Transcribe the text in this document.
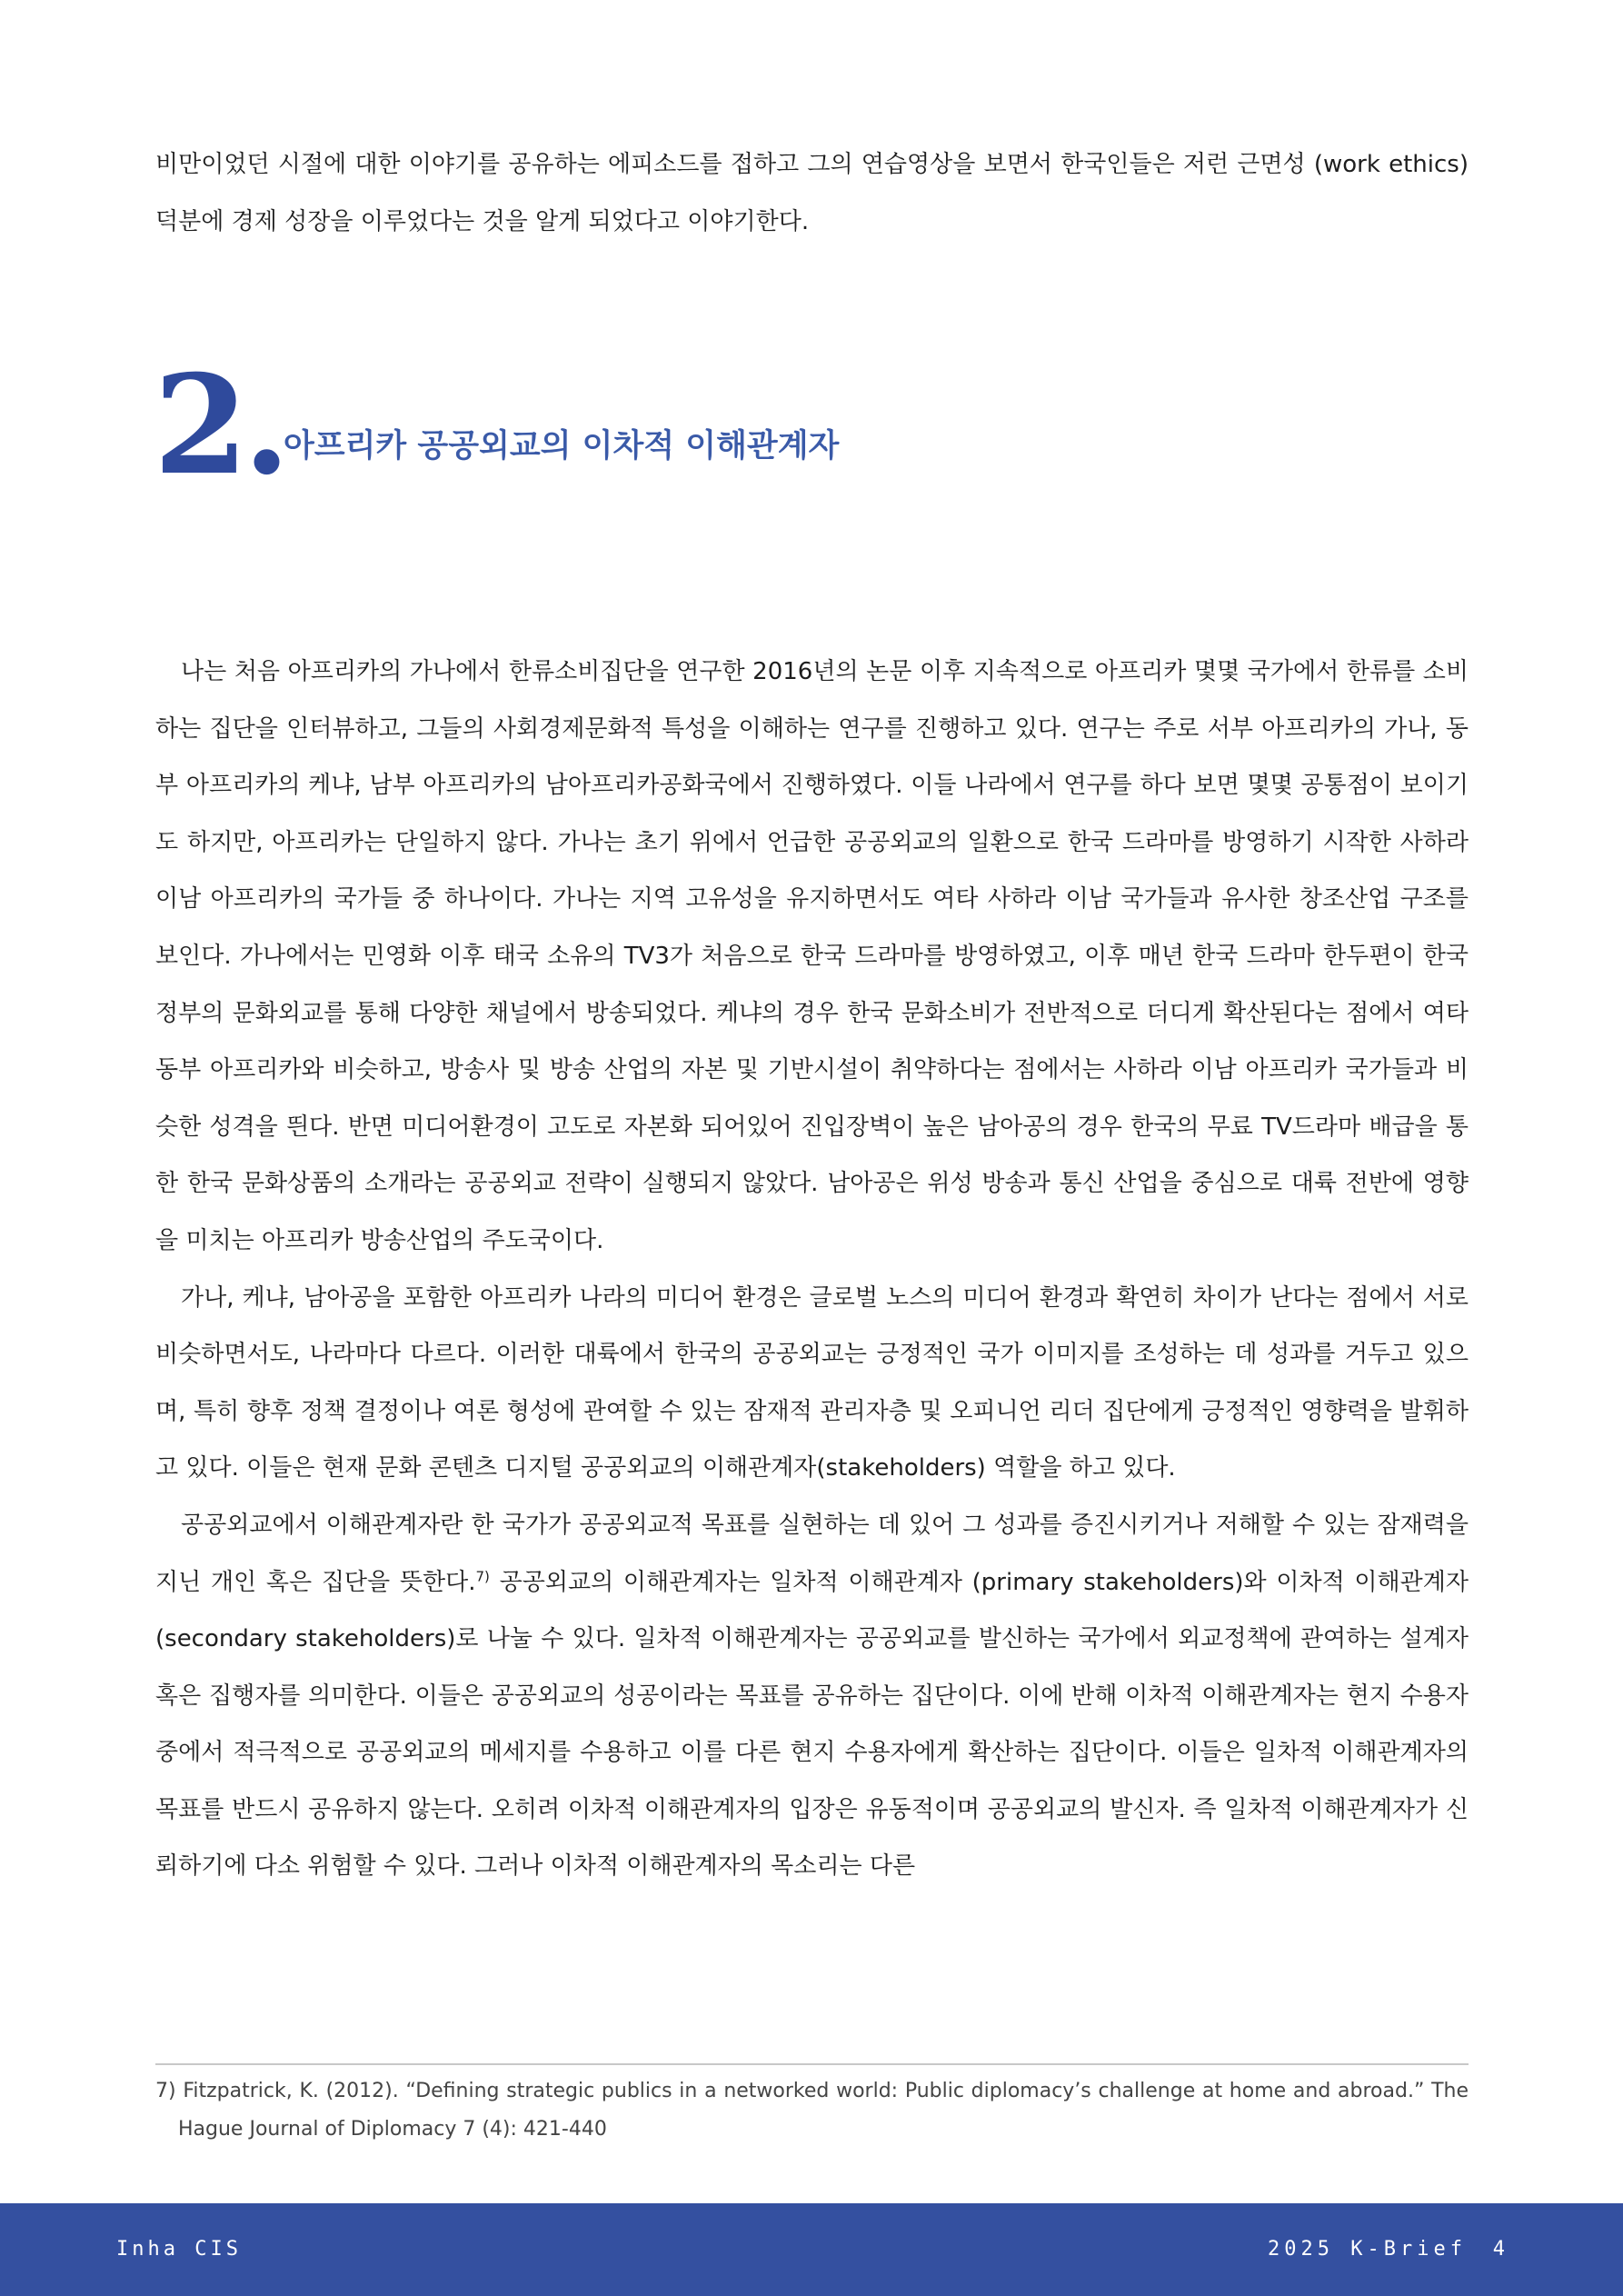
비만이었던 시절에 대한 이야기를 공유하는 에피소드를 접하고 그의 연습영상을 보면서 한국인들은 저런 근면성 (work ethics) 덕분에 경제 성장을 이루었다는 것을 알게 되었다고 이야기한다.
2.
아프리카 공공외교의 이차적 이해관계자

나는 처음 아프리카의 가나에서 한류소비집단을 연구한 2016년의 논문 이후 지속적으로 아프리카 몇몇 국가에서 한류를 소비하는 집단을 인터뷰하고, 그들의 사회경제문화적 특성을 이해하는 연구를 진행하고 있다. 연구는 주로 서부 아프리카의 가나, 동부 아프리카의 케냐, 남부 아프리카의 남아프리카공화국에서 진행하였다. 이들 나라에서 연구를 하다 보면 몇몇 공통점이 보이기도 하지만, 아프리카는 단일하지 않다. 가나는 초기 위에서 언급한 공공외교의 일환으로 한국 드라마를 방영하기 시작한 사하라 이남 아프리카의 국가들 중 하나이다. 가나는 지역 고유성을 유지하면서도 여타 사하라 이남 국가들과 유사한 창조산업 구조를 보인다. 가나에서는 민영화 이후 태국 소유의 TV3가 처음으로 한국 드라마를 방영하였고, 이후 매년 한국 드라마 한두편이 한국 정부의 문화외교를 통해 다양한 채널에서 방송되었다. 케냐의 경우 한국 문화소비가 전반적으로 더디게 확산된다는 점에서 여타 동부 아프리카와 비슷하고, 방송사 및 방송 산업의 자본 및 기반시설이 취약하다는 점에서는 사하라 이남 아프리카 국가들과 비슷한 성격을 띈다. 반면 미디어환경이 고도로 자본화 되어있어 진입장벽이 높은 남아공의 경우 한국의 무료 TV드라마 배급을 통한 한국 문화상품의 소개라는 공공외교 전략이 실행되지 않았다. 남아공은 위성 방송과 통신 산업을 중심으로 대륙 전반에 영향을 미치는 아프리카 방송산업의 주도국이다.

가나, 케냐, 남아공을 포함한 아프리카 나라의 미디어 환경은 글로벌 노스의 미디어 환경과 확연히 차이가 난다는 점에서 서로 비슷하면서도, 나라마다 다르다. 이러한 대륙에서 한국의 공공외교는 긍정적인 국가 이미지를 조성하는 데 성과를 거두고 있으며, 특히 향후 정책 결정이나 여론 형성에 관여할 수 있는 잠재적 관리자층 및 오피니언 리더 집단에게 긍정적인 영향력을 발휘하고 있다. 이들은 현재 문화 콘텐츠 디지털 공공외교의 이해관계자(stakeholders) 역할을 하고 있다.

공공외교에서 이해관계자란 한 국가가 공공외교적 목표를 실현하는 데 있어 그 성과를 증진시키거나 저해할 수 있는 잠재력을 지닌 개인 혹은 집단을 뜻한다.$^{7)}$ 공공외교의 이해관계자는 일차적 이해관계자 (primary stakeholders)와 이차적 이해관계자 (secondary stakeholders)로 나눌 수 있다. 일차적 이해관계자는 공공외교를 발신하는 국가에서 외교정책에 관여하는 설계자 혹은 집행자를 의미한다. 이들은 공공외교의 성공이라는 목표를 공유하는 집단이다. 이에 반해 이차적 이해관계자는 현지 수용자 중에서 적극적으로 공공외교의 메세지를 수용하고 이를 다른 현지 수용자에게 확산하는 집단이다. 이들은 일차적 이해관계자의 목표를 반드시 공유하지 않는다. 오히려 이차적 이해관계자의 입장은 유동적이며 공공외교의 발신자. 즉 일차적 이해관계자가 신뢰하기에 다소 위험할 수 있다. 그러나 이차적 이해관계자의 목소리는 다른

7) Fitzpatrick, K. (2012). “Defining strategic publics in a networked world: Public diplomacy’s challenge at home and abroad.” The Hague Journal of Diplomacy 7 (4): 421-440
Inha CIS	2025 K-Brief 4
